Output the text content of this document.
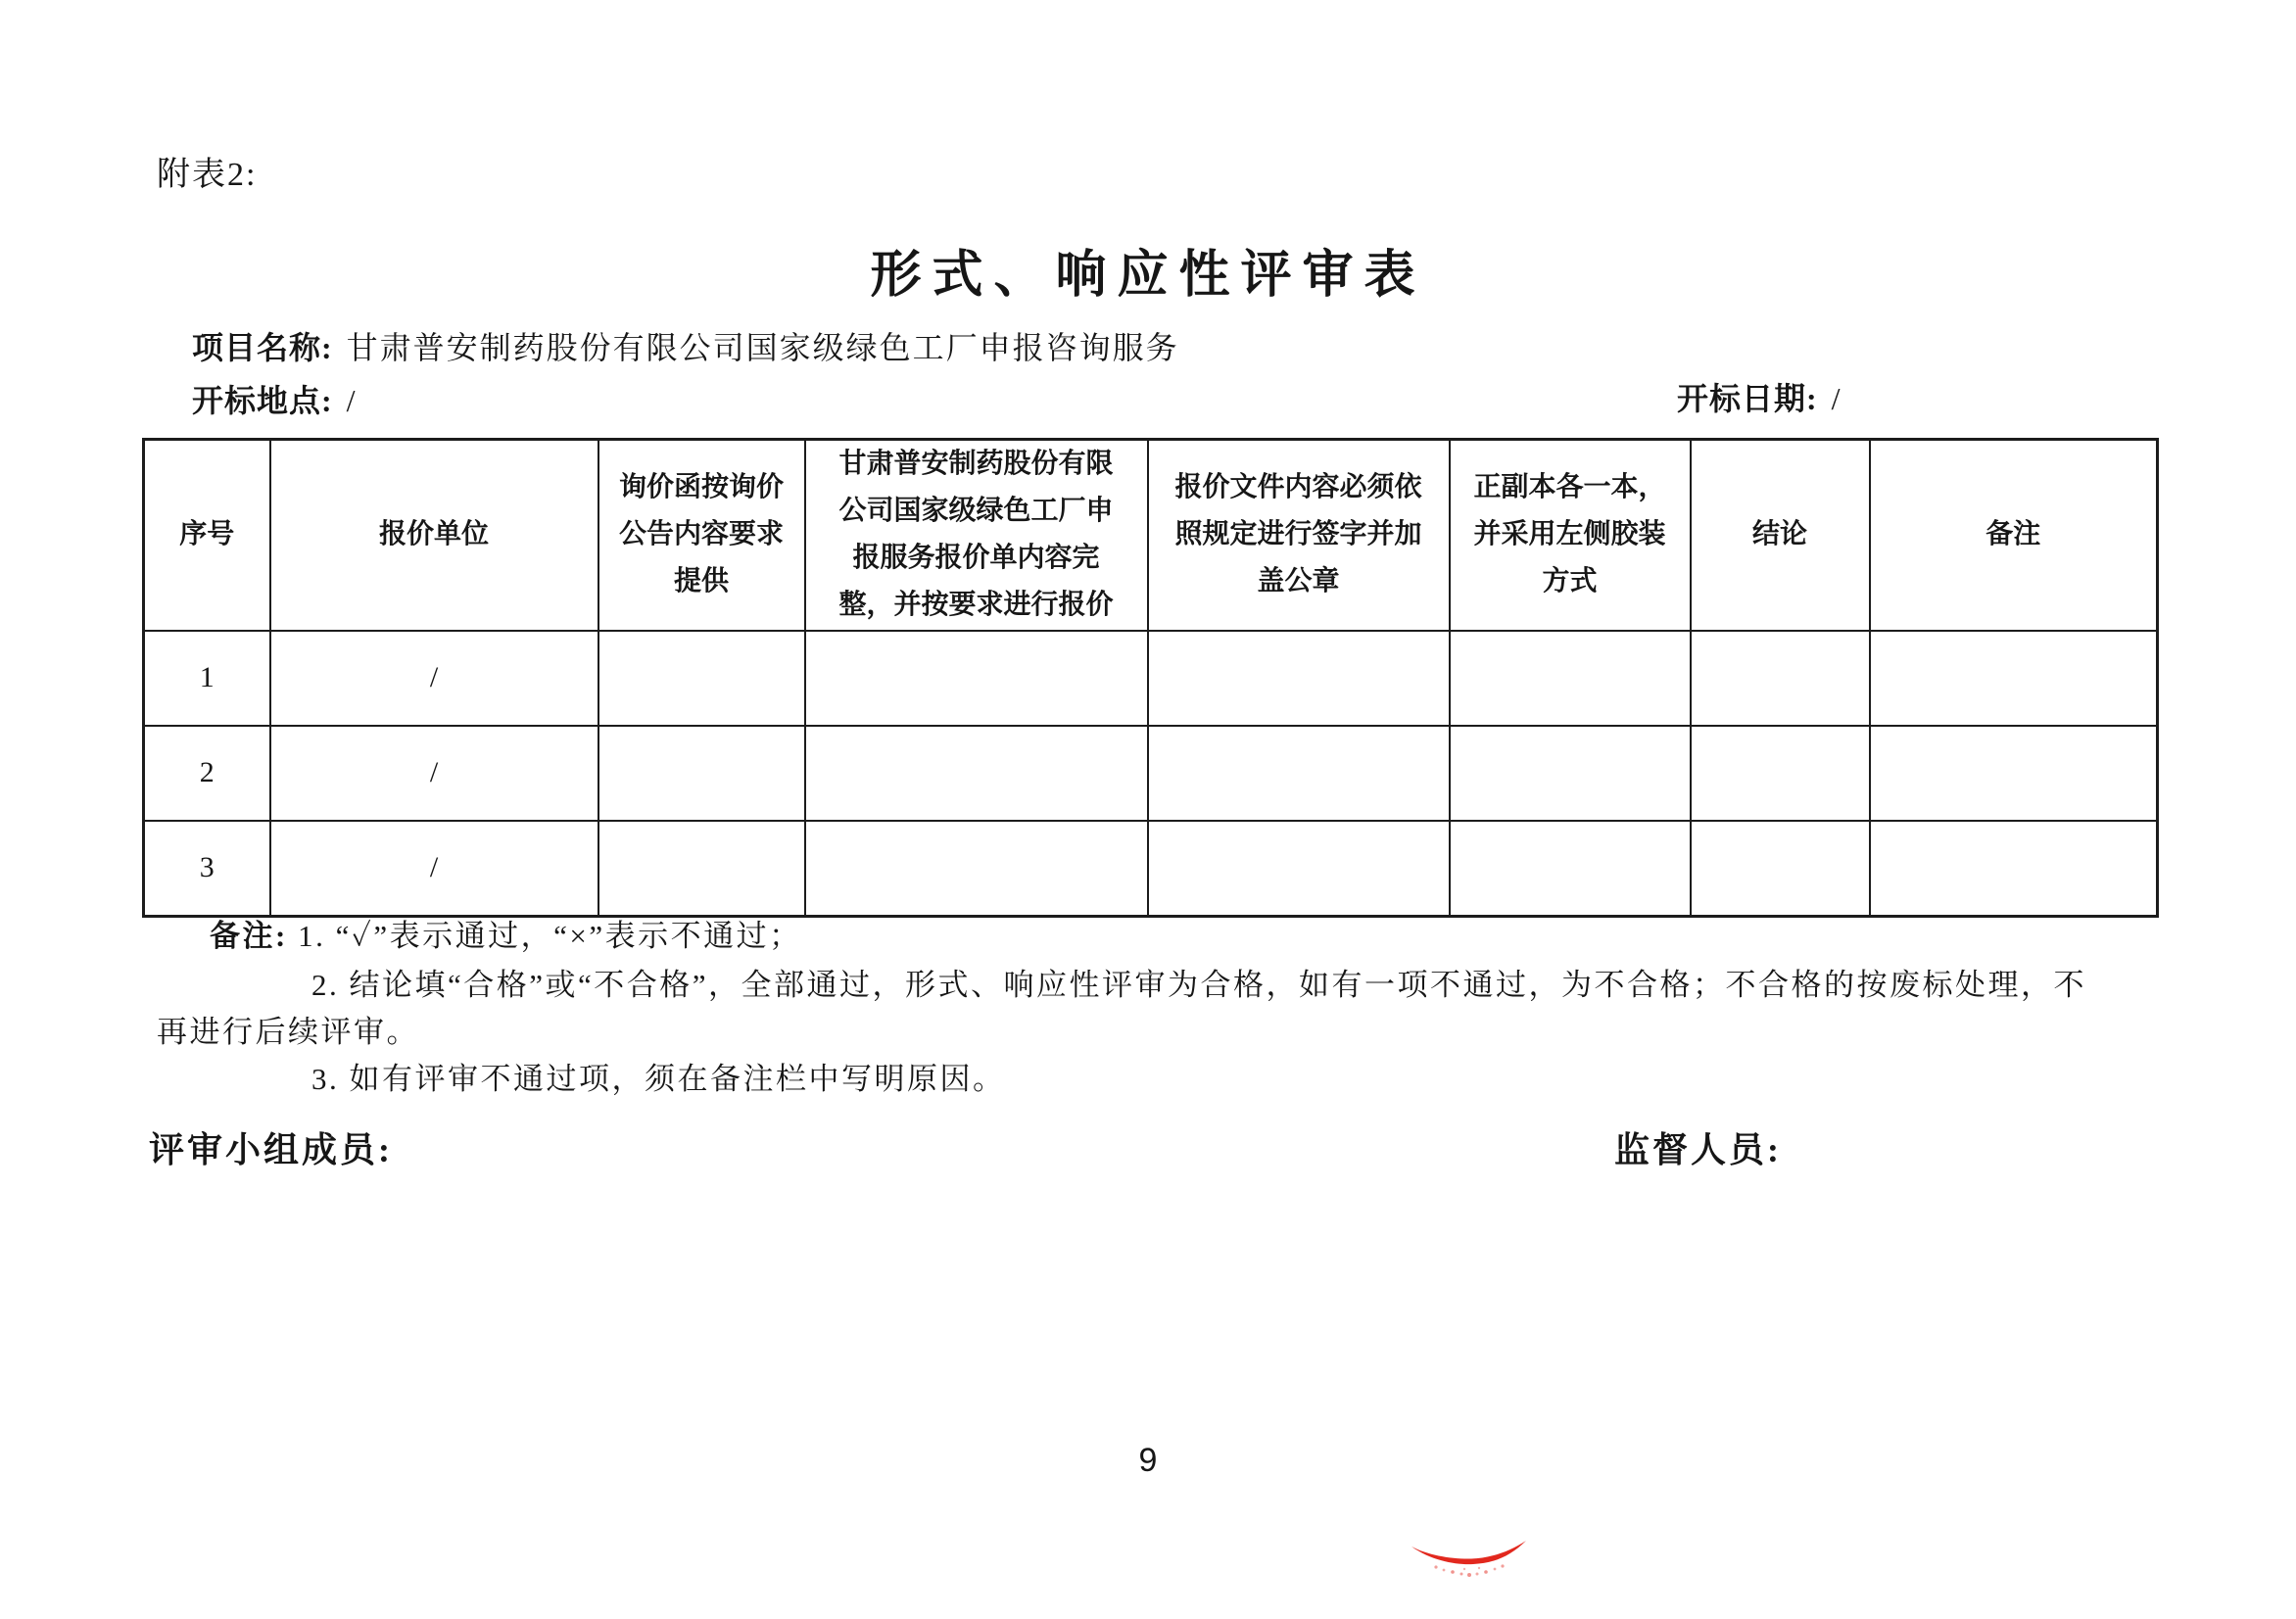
附表2:
形式、响应性评审表
项目名称: 甘肃普安制药股份有限公司国家级绿色工厂申报咨询服务
开标地点: /	开标日期: /
序号	报价单位	询价函按询价公告内容要求提供	甘肃普安制药股份有限公司国家级绿色工厂申报服务报价单内容完整，并按要求进行报价	报价文件内容必须依照规定进行签字并加盖公章	正副本各一本，并采用左侧胶装方式	结论	备注
1	/						
2	/						
3	/						
备注: 1. “✓”表示通过，“×”表示不通过；
2. 结论填“合格”或“不合格”，全部通过，形式、响应性评审为合格，如有一项不通过，为不合格；不合格的按废标处理，不
再进行后续评审。
3. 如有评审不通过项，须在备注栏中写明原因。
评审小组成员:	监督人员:
9
